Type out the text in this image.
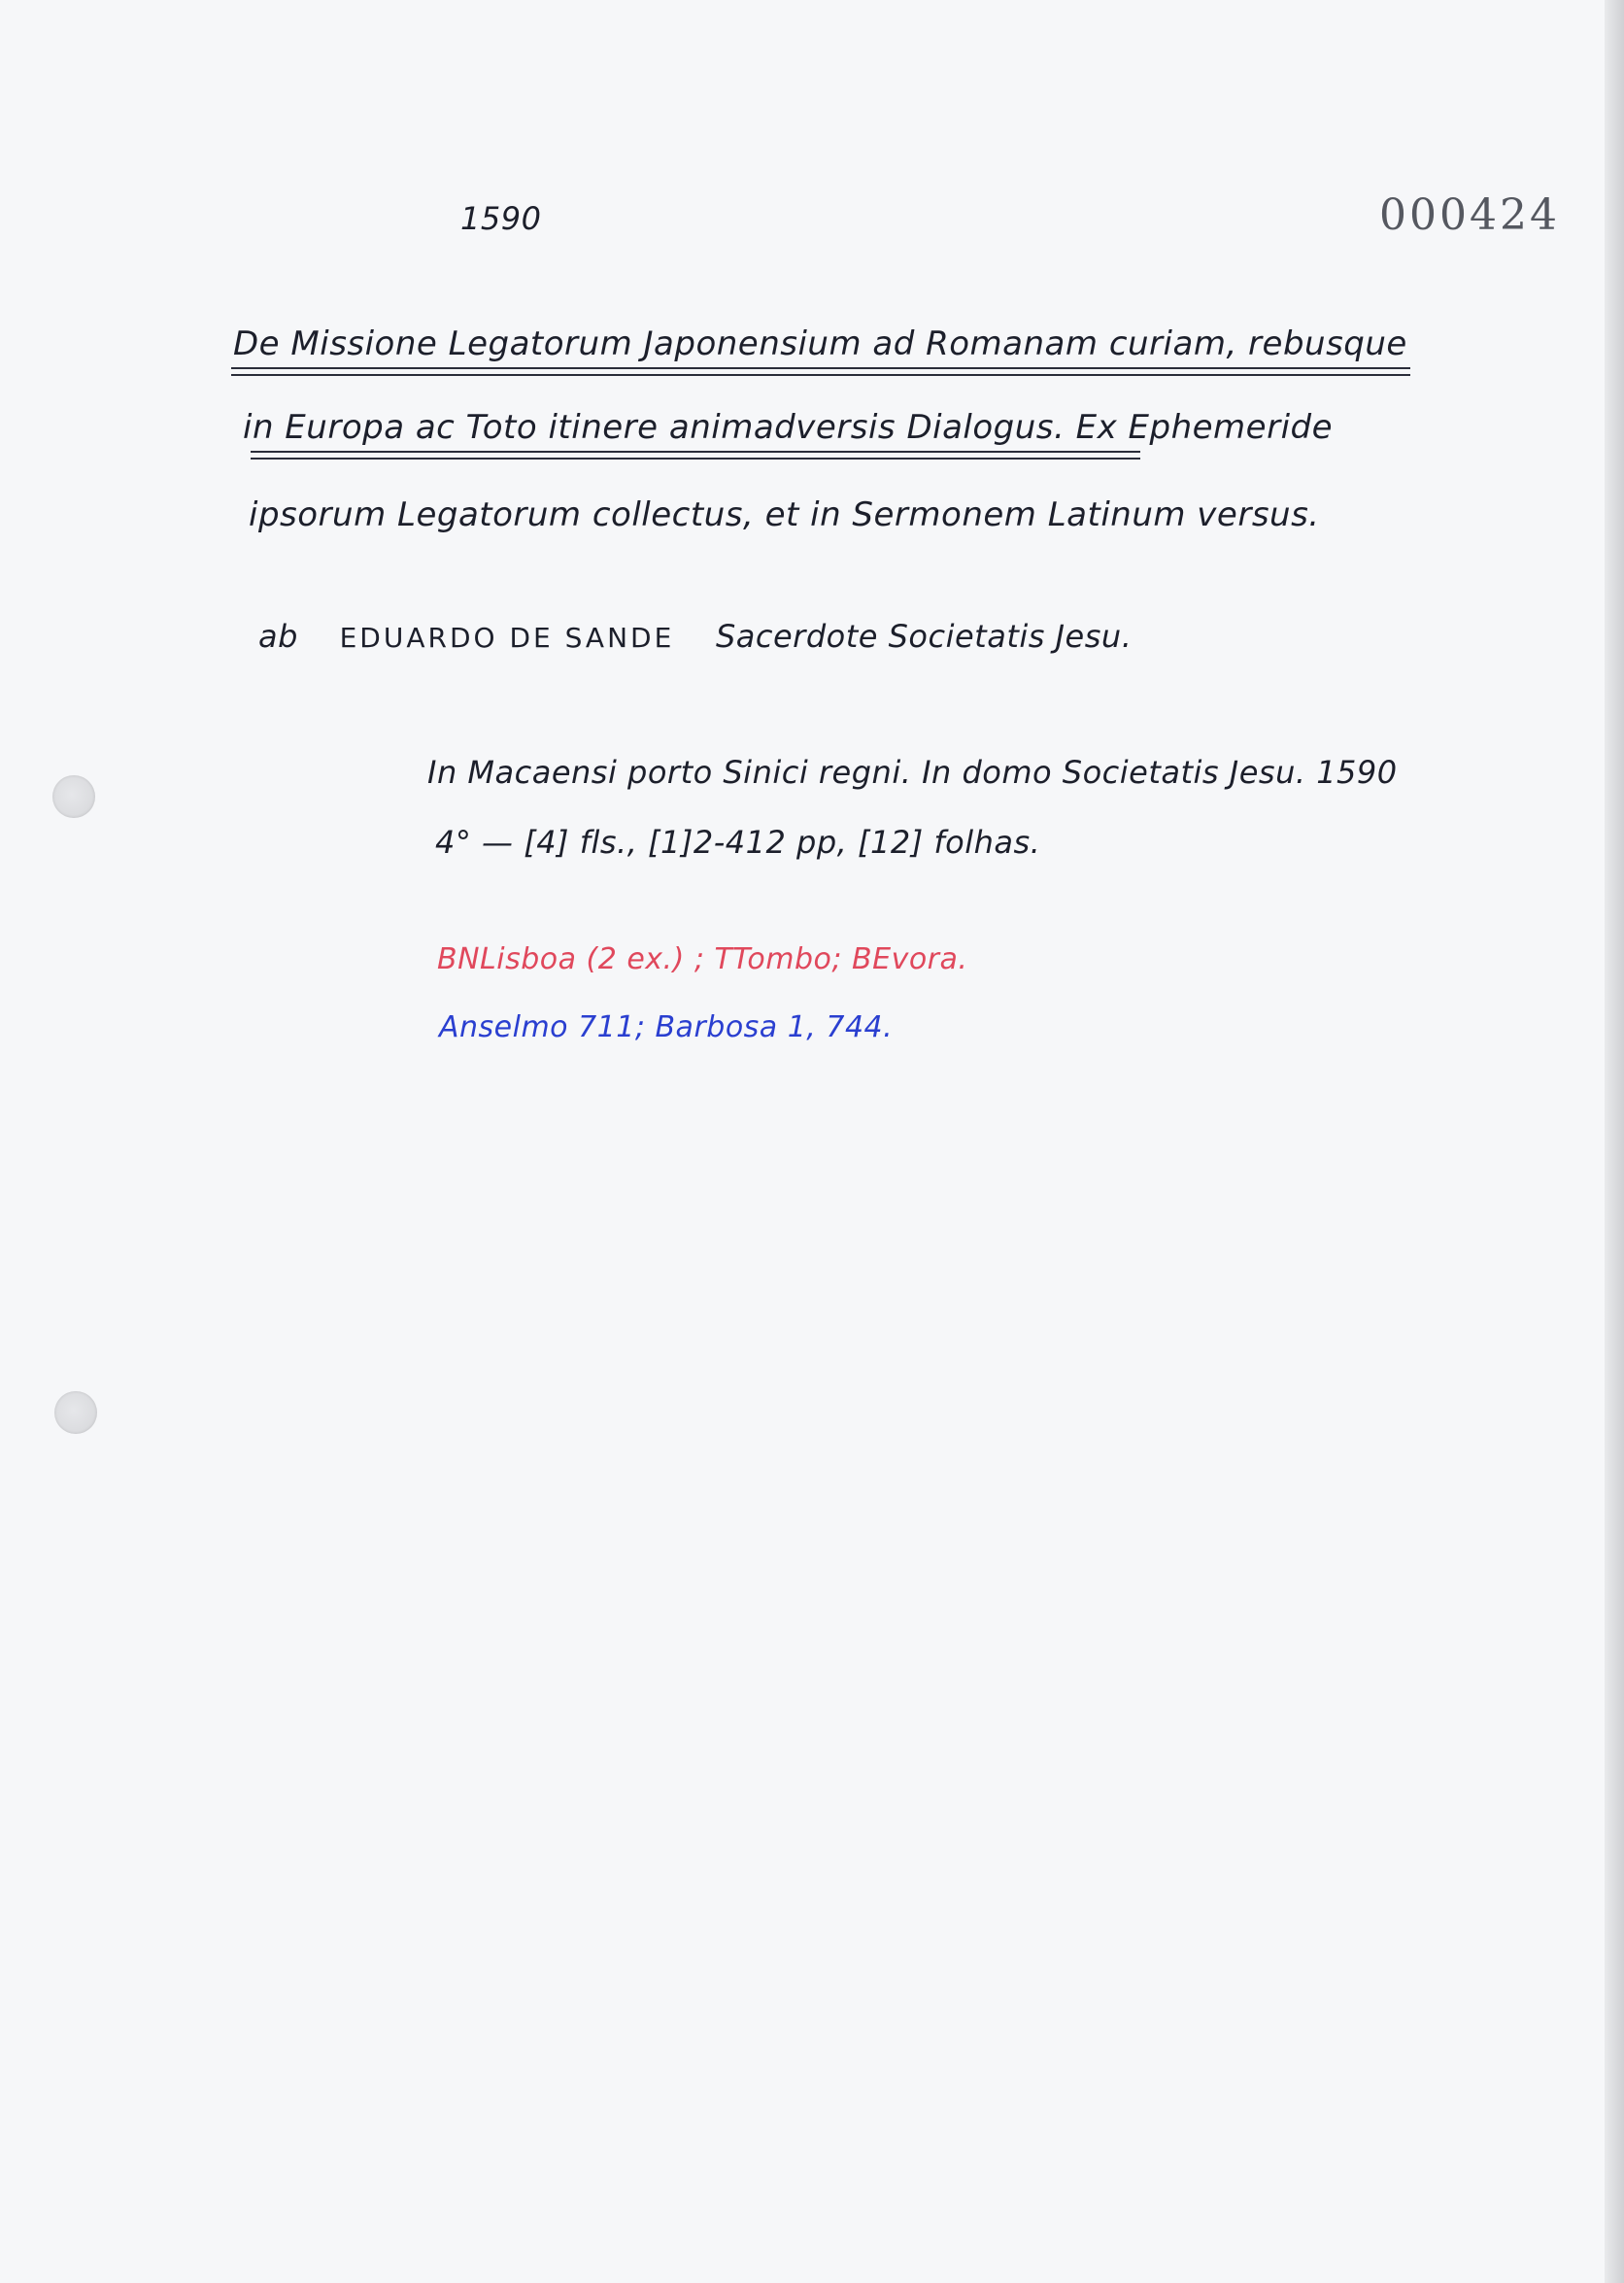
1590	000424
De Missione Legatorum Japonensium ad Romanam curiam, rebusque
in Europa ac Toto itinere animadversis Dialogus. Ex Ephemeride
ipsorum Legatorum collectus, et in Sermonem Latinum versus.
ab EDUARDO DE SANDE Sacerdote Societatis Jesu.
In Macaensi porto Sinici regni. In domo Societatis Jesu. 1590
4° — [4] fls., [1]2-412 pp, [12] folhas.
BNLisboa (2 ex.) ; TTombo; BEvora.
Anselmo 711; Barbosa 1, 744.
